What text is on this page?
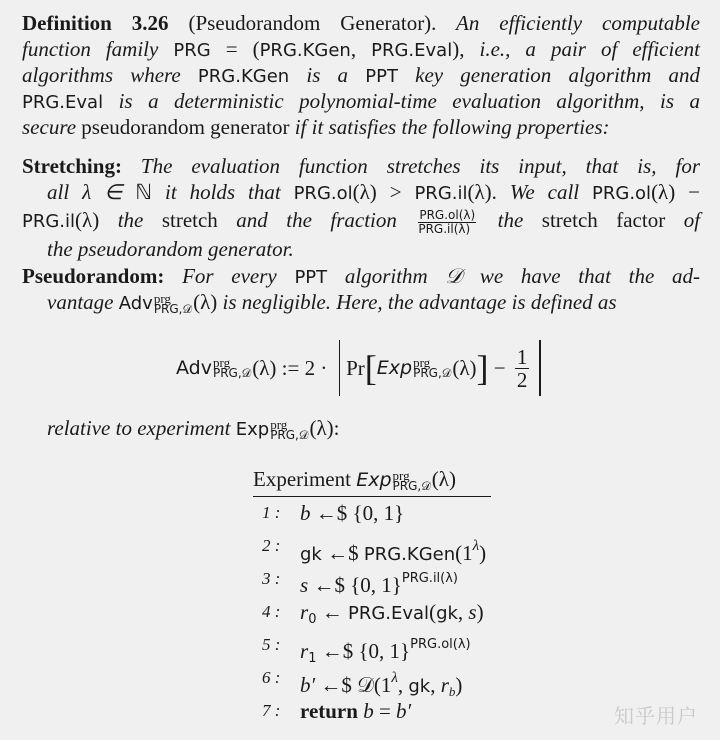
Definition 3.26 (Pseudorandom Generator). An efficiently computable
function family PRG = (PRG.KGen, PRG.Eval), i.e., a pair of efficient
algorithms where PRG.KGen is a PPT key generation algorithm and
PRG.Eval is a deterministic polynomial-time evaluation algorithm, is a
secure pseudorandom generator if it satisfies the following properties:
Stretching: The evaluation function stretches its input, that is, for
all λ ∈ ℕ it holds that PRG.ol(λ) > PRG.il(λ). We call PRG.ol(λ) −
PRG.il(λ) the stretch and the fraction $\frac{\text{PRG.ol(λ)}}{\text{PRG.il(λ)}}$ the stretch factor of
the pseudorandom generator.
Pseudorandom: For every PPT algorithm 𝒟 we have that the ad-
vantage Adv prg
PRG,𝒟 (λ) is negligible. Here, the advantage is defined as
Adv prg
PRG,𝒟 (λ) := 2 · Pr [ Exp prg
PRG,𝒟 (λ) ] − $\frac{1}{2}$
relative to experiment Exp prg
PRG,𝒟 (λ):
Experiment Exp prg
PRG,𝒟 (λ)
1 : b ←$ {0, 1}
2 : gk ←$ $PRG.KGen(1^\lambda)$
3 : s ←$ {0, 1}$^{PRG.il(\lambda)}$
4 : r0 ← PRG.Eval(gk, s)
5 : r1 ←$ {0, 1}$^{PRG.ol(\lambda)}$
6 : b′ ←$ $𝒟(1^\lambda$, gk, rb)
7 : return b = b′	知乎用户
